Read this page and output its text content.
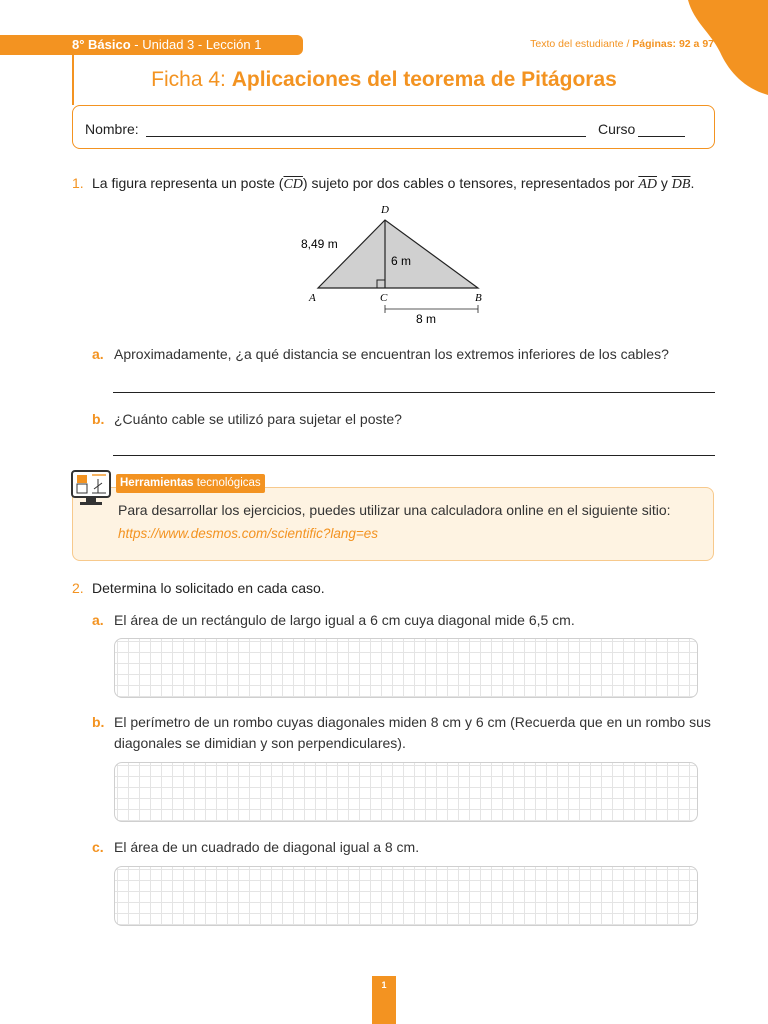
8° Básico - Unidad 3 - Lección 1	Texto del estudiante / Páginas: 92 a 97
Ficha 4: Aplicaciones del teorema de Pitágoras
Nombre:	Curso
1. La figura representa un poste $(\overline{CD})$ sujeto por dos cables o tensores, representados por $\overline{AD}$ y $\overline{DB}$.
D
A	C	B
8,49 m
6 m
8 m
a. Aproximadamente, ¿a qué distancia se encuentran los extremos inferiores de los cables?
b. ¿Cuánto cable se utilizó para sujetar el poste?
Herramientas tecnológicas
Para desarrollar los ejercicios, puedes utilizar una calculadora online en el siguiente sitio:
https://www.desmos.com/scientific?lang=es
2. Determina lo solicitado en cada caso.
a. El área de un rectángulo de largo igual a 6 cm cuya diagonal mide 6,5 cm.
b. El perímetro de un rombo cuyas diagonales miden 8 cm y 6 cm (Recuerda que en un rombo sus
diagonales se dimidian y son perpendiculares).
c. El área de un cuadrado de diagonal igual a 8 cm.
1
